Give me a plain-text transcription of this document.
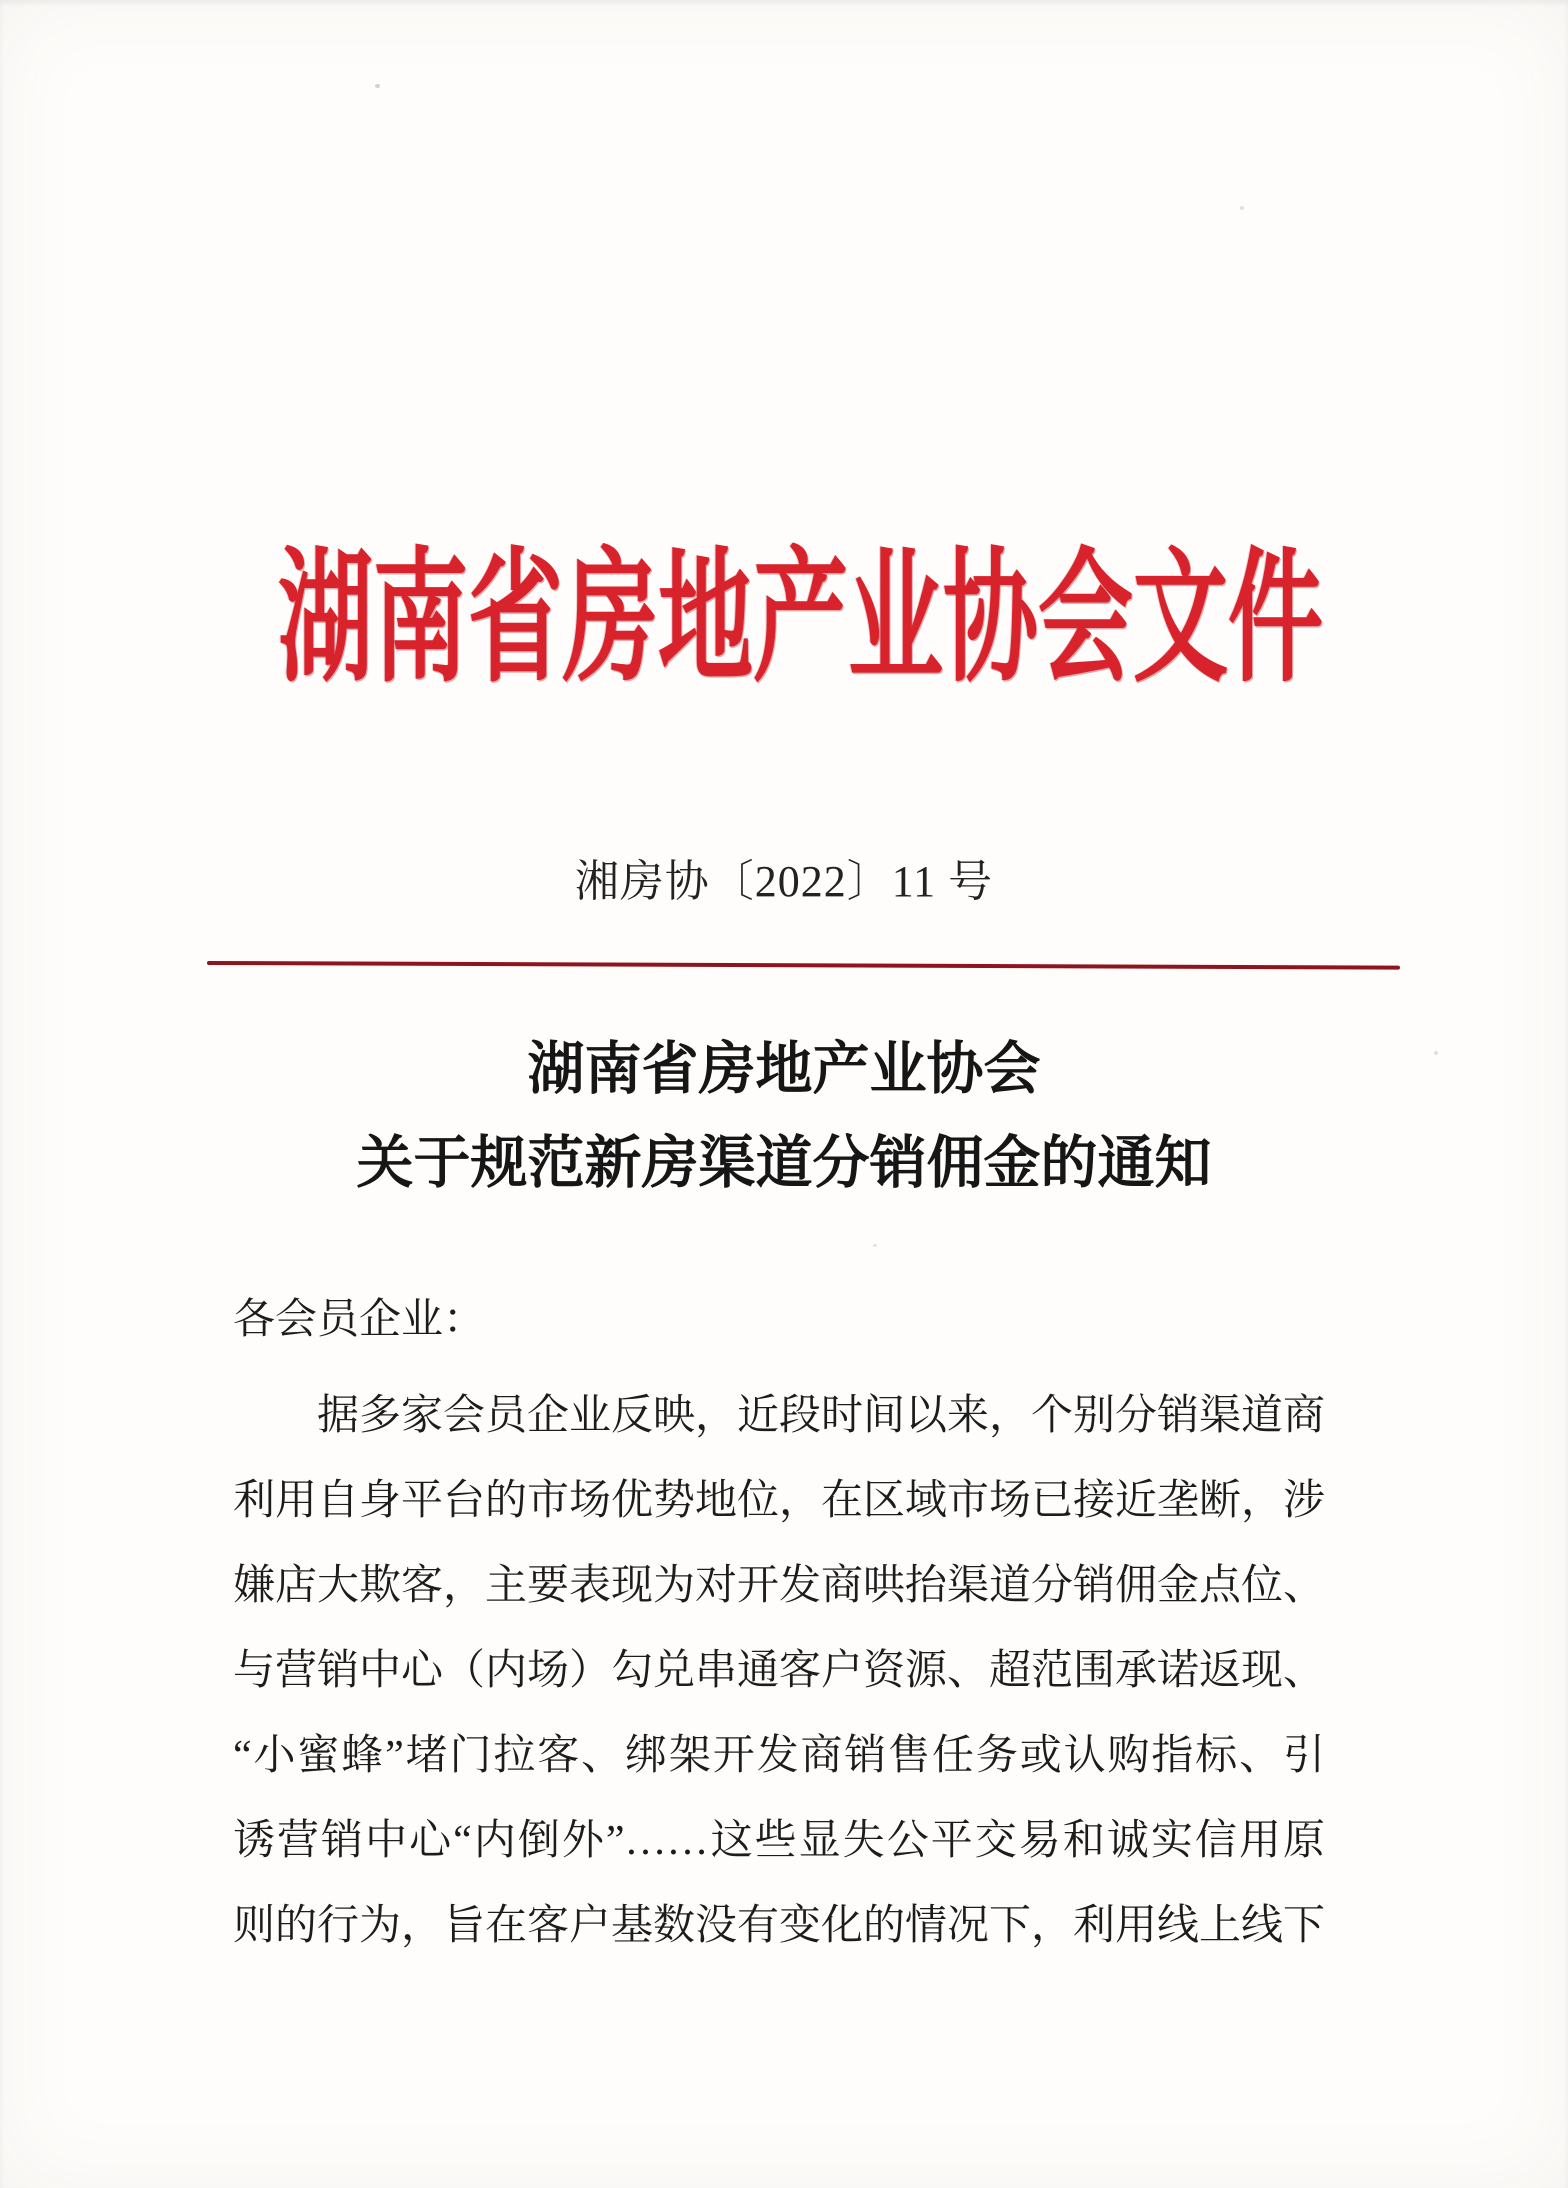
湖南省房地产业协会文件
湘房协〔2022〕11 号
湖南省房地产业协会
关于规范新房渠道分销佣金的通知
各会员企业：
　　据多家会员企业反映，近段时间以来，个别分销渠道商
利用自身平台的市场优势地位，在区域市场已接近垄断，涉
嫌店大欺客，主要表现为对开发商哄抬渠道分销佣金点位、
与营销中心（内场）勾兑串通客户资源、超范围承诺返现、
“小蜜蜂”堵门拉客、绑架开发商销售任务或认购指标、引
诱营销中心“内倒外”……这些显失公平交易和诚实信用原
则的行为，旨在客户基数没有变化的情况下，利用线上线下
